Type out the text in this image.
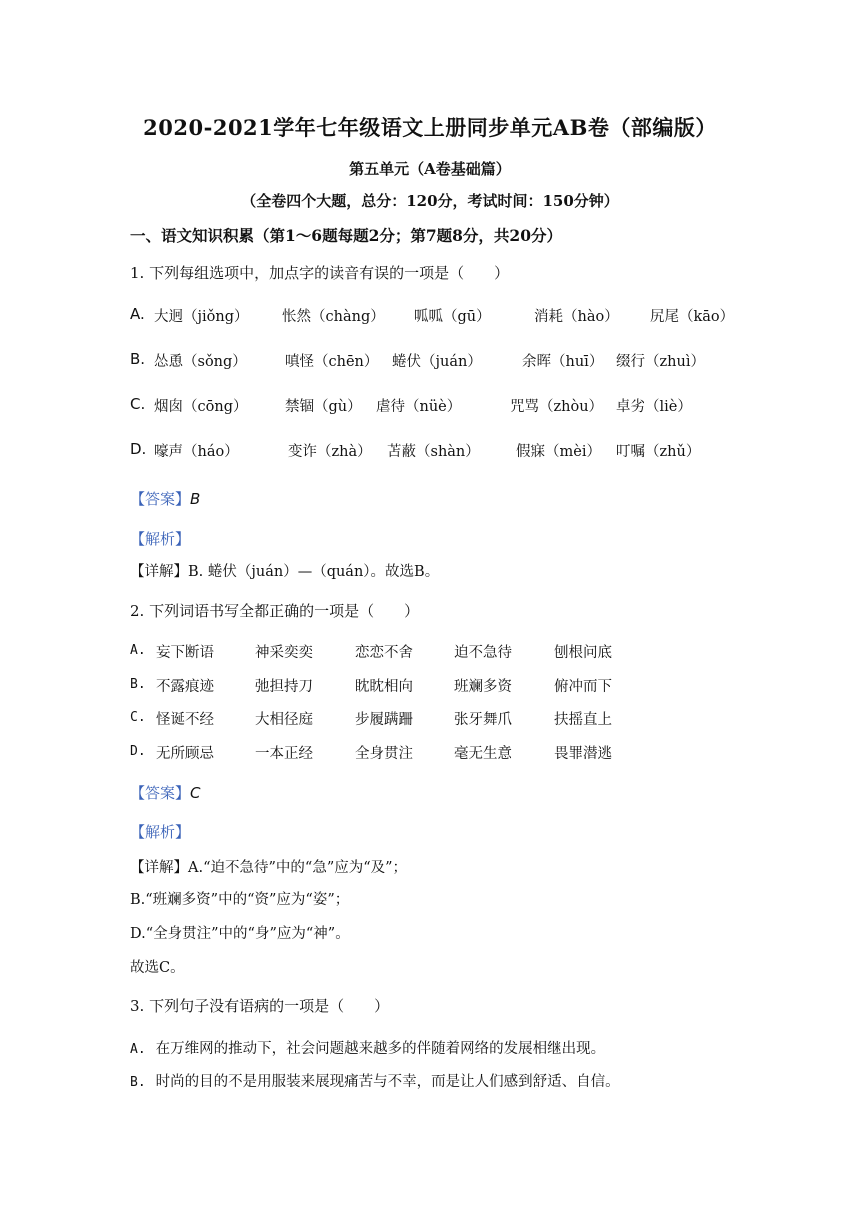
2020-2021学年七年级语文上册同步单元AB卷（部编版）
第五单元（A卷基础篇）
（全卷四个大题，总分：120分，考试时间：150分钟）
一、语文知识积累（第1～6题每题2分；第7题8分，共20分）
1. 下列每组选项中，加点字的读音有误的一项是（　　）
A. 大迥（jiǒng） 怅然（chàng） 呱呱（gū）	消耗（hào） 尻尾（kāo）
B. 怂恿（sǒng）	嗔怪（chēn） 蜷伏（juán）	余晖（huī） 缀行（zhuì）
C. 烟囱（cōng）	禁锢（gù） 虐待（nüè）	咒骂（zhòu） 卓劣（liè）
D. 嚎声（háo）	变诈（zhà） 苫蔽（shàn） 假寐（mèi） 叮嘱（zhǔ）
【答案】B
【解析】
【详解】B. 蜷伏（juán）—（quán）。故选B。
2. 下列词语书写全都正确的一项是（　　）
A. 妄下断语	神采奕奕	恋恋不舍	迫不急待	刨根问底
B. 不露痕迹	弛担持刀	眈眈相向	班斓多资	俯冲而下
C. 怪诞不经	大相径庭	步履蹒跚	张牙舞爪	扶摇直上
D. 无所顾忌	一本正经	全身贯注	毫无生意	畏罪潜逃
【答案】C
【解析】
【详解】A.“迫不急待”中的“急”应为“及”；
B.“班斓多资”中的“资”应为“姿”；
D.“全身贯注”中的“身”应为“神”。
故选C。
3. 下列句子没有语病的一项是（　　）
A. 在万维网的推动下，社会问题越来越多的伴随着网络的发展相继出现。
B. 时尚的目的不是用服装来展现痛苦与不幸，而是让人们感到舒适、自信。
